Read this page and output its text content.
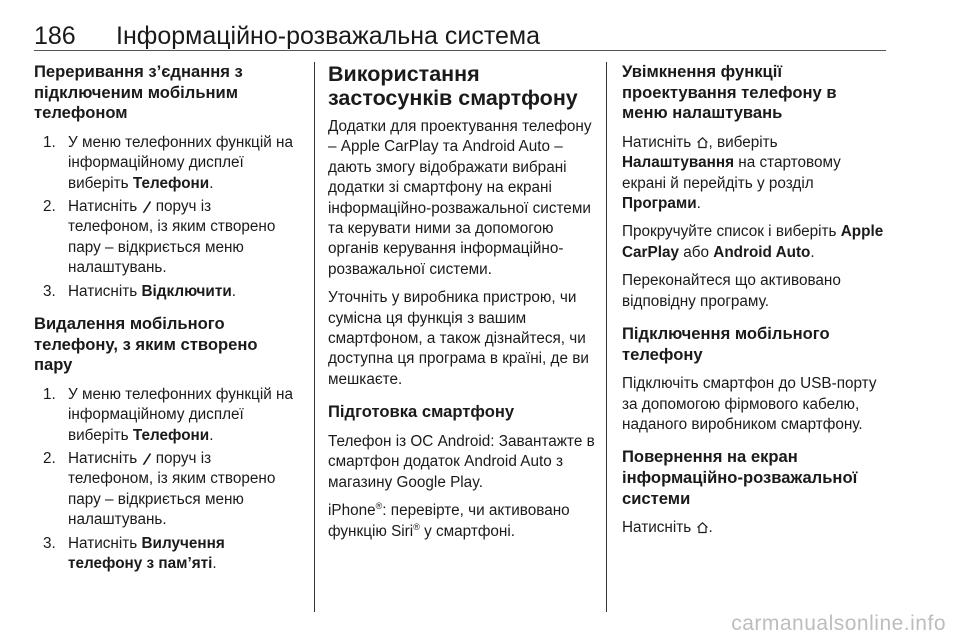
186 Інформаційно-розважальна система
Переривання з’єднання з підключеним мобільним телефоном
1. У меню телефонних функцій на інформаційному дисплеї виберіть Телефони.
2. Натисніть
поруч із телефоном, із яким створено пару – відкриється меню налаштувань.
3. Натисніть Відключити.
Видалення мобільного телефону, з яким створено пару
1. У меню телефонних функцій на інформаційному дисплеї виберіть Телефони.
2. Натисніть
поруч із телефоном, із яким створено пару – відкриється меню налаштувань.
3. Натисніть Вилучення телефону з пам’яті.
Використання застосунків смартфону
Додатки для проектування телефону – Apple CarPlay та Android Auto – дають змогу відображати вибрані додатки зі смартфону на екрані інформаційно-розважальної системи та керувати ними за допомогою органів керування інформаційно-розважальної системи.
Уточніть у виробника пристрою, чи сумісна ця функція з вашим смартфоном, а також дізнайтеся, чи доступна ця програма в країні, де ви мешкаєте.
Підготовка смартфону
Телефон із ОС Android: Завантажте в смартфон додаток Android Auto з магазину Google Play.
iPhone®: перевірте, чи активовано функцію Siri® у смартфоні.
Увімкнення функції проектування телефону в меню налаштувань
Натисніть
, виберіть Налаштування на стартовому екрані й перейдіть у розділ Програми.
Прокручуйте список і виберіть Apple CarPlay або Android Auto.
Переконайтеся що активовано відповідну програму.
Підключення мобільного телефону
Підключіть смартфон до USB-порту за допомогою фірмового кабелю, наданого виробником смартфону.
Повернення на екран інформаційно-розважальної системи
Натисніть
.
carmanualsonline.info
